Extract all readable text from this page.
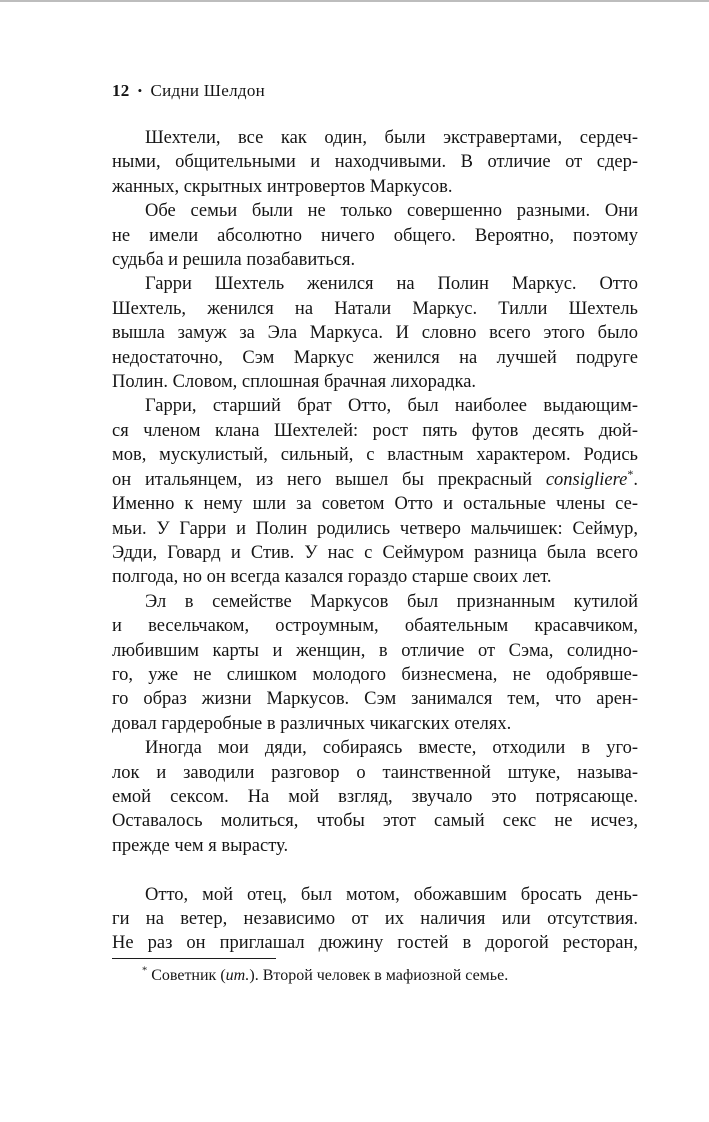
12 • Сидни Шелдон

Шехтели, все как один, были экстравертами, сердеч-
ными, общительными и находчивыми. В отличие от сдер-
жанных, скрытных интровертов Маркусов.

Обе семьи были не только совершенно разными. Они
не имели абсолютно ничего общего. Вероятно, поэтому
судьба и решила позабавиться.

Гарри Шехтель женился на Полин Маркус. Отто
Шехтель, женился на Натали Маркус. Тилли Шехтель
вышла замуж за Эла Маркуса. И словно всего этого было
недостаточно, Сэм Маркус женился на лучшей подруге
Полин. Словом, сплошная брачная лихорадка.

Гарри, старший брат Отто, был наиболее выдающим-
ся членом клана Шехтелей: рост пять футов десять дюй-
мов, мускулистый, сильный, с властным характером. Родись
он итальянцем, из него вышел бы прекрасный consigliere*.
Именно к нему шли за советом Отто и остальные члены се-
мьи. У Гарри и Полин родились четверо мальчишек: Сеймур,
Эдди, Говард и Стив. У нас с Сеймуром разница была всего
полгода, но он всегда казался гораздо старше своих лет.

Эл в семействе Маркусов был признанным кутилой
и весельчаком, остроумным, обаятельным красавчиком,
любившим карты и женщин, в отличие от Сэма, солидно-
го, уже не слишком молодого бизнесмена, не одобрявше-
го образ жизни Маркусов. Сэм занимался тем, что арен-
довал гардеробные в различных чикагских отелях.

Иногда мои дяди, собираясь вместе, отходили в уго-
лок и заводили разговор о таинственной штуке, называ-
емой сексом. На мой взгляд, звучало это потрясающе.
Оставалось молиться, чтобы этот самый секс не исчез,
прежде чем я вырасту.

Отто, мой отец, был мотом, обожавшим бросать день-
ги на ветер, независимо от их наличия или отсутствия.
Не раз он приглашал дюжину гостей в дорогой ресторан,

* Советник (ит.). Второй человек в мафиозной семье.
